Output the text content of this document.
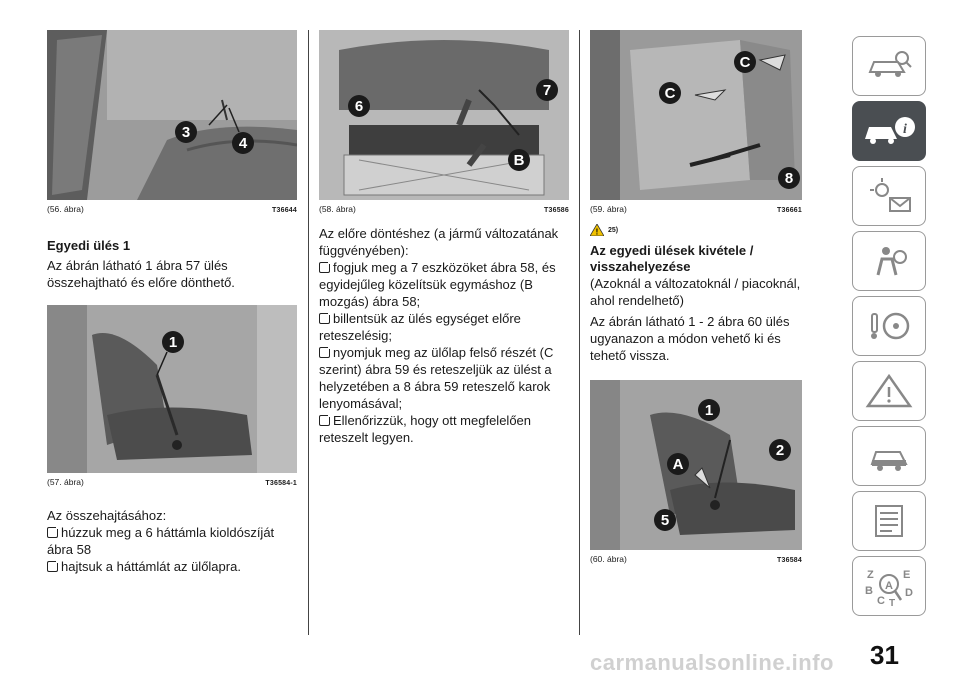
3
4
(56. ábra)	T36644
Egyedi ülés 1

Az ábrán látható 1 ábra 57 ülés összehajtható és előre dönthető.

1
(57. ábra)	T36584-1

Az összehajtásához:

húzzuk meg a 6 háttámla kioldószíját ábra 58
hajtsuk a háttámlát az ülőlapra.
6
7
B
(58. ábra)	T36586

Az előre döntéshez (a jármű változatának függvényében):

fogjuk meg a 7 eszközöket ábra 58, és egyidejűleg közelítsük egymáshoz (B mozgás) ábra 58;
billentsük az ülés egységet előre reteszelésig;
nyomjuk meg az ülőlap felső részét (C szerint) ábra 59 és reteszeljük az ülést a helyzetében a 8 ábra 59 reteszelő karok lenyomásával;
Ellenőrizzük, hogy ott megfelelően reteszelt legyen.
C
C
8
(59. ábra)	T36661
! 25)
Az egyedi ülések kivétele / visszahelyezése

(Azoknál a változatoknál / piacoknál, ahol rendelhető)

Az ábrán látható 1 - 2 ábra 60 ülés ugyanazon a módon vehető ki és tehető vissza.

1
2
A
5
(60. ábra)	T36584
i
Z	E
B
C
A
T
D
carmanualsonline.info 31
